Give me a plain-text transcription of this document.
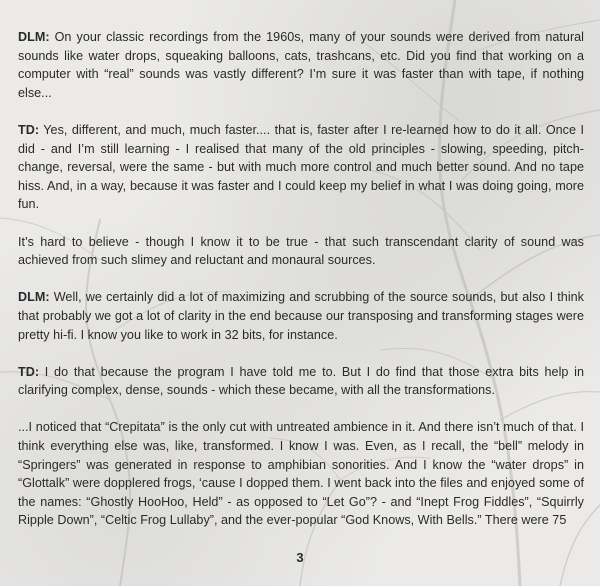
DLM: On your classic recordings from the 1960s, many of your sounds were derived from natural sounds like water drops, squeaking balloons, cats, trashcans, etc. Did you find that working on a computer with “real” sounds was vastly different? I’m sure it was faster than with tape, if nothing else...

TD: Yes, different, and much, much faster.... that is, faster after I re-learned how to do it all. Once I did - and I’m still learning - I realised that many of the old principles - slowing, speeding, pitch-change, reversal, were the same - but with much more control and much better sound. And no tape hiss. And, in a way, because it was faster and I could keep my belief in what I was doing going, more fun.

It’s hard to believe - though I know it to be true - that such transcendant clarity of sound was achieved from such slimey and reluctant and monaural sources.

DLM: Well, we certainly did a lot of maximizing and scrubbing of the source sounds, but also I think that probably we got a lot of clarity in the end because our transposing and transforming stages were pretty hi-fi. I know you like to work in 32 bits, for instance.

TD: I do that because the program I have told me to. But I do find that those extra bits help in clarifying complex, dense, sounds - which these became, with all the transformations.

...I noticed that “Crepitata” is the only cut with untreated ambience in it. And there isn’t much of that. I think everything else was, like, transformed. I know I was. Even, as I recall, the “bell” melody in “Springers” was generated in response to amphibian sonorities. And I know the “water drops” in “Glottalk” were dopplered frogs, ‘cause I dopped them. I went back into the files and enjoyed some of the names: “Ghostly HooHoo, Held” - as opposed to “Let Go”? - and “Inept Frog Fiddles”, “Squirrly Ripple Down”, “Celtic Frog Lullaby”, and the ever-popular “God Knows, With Bells.” There were 75

3
